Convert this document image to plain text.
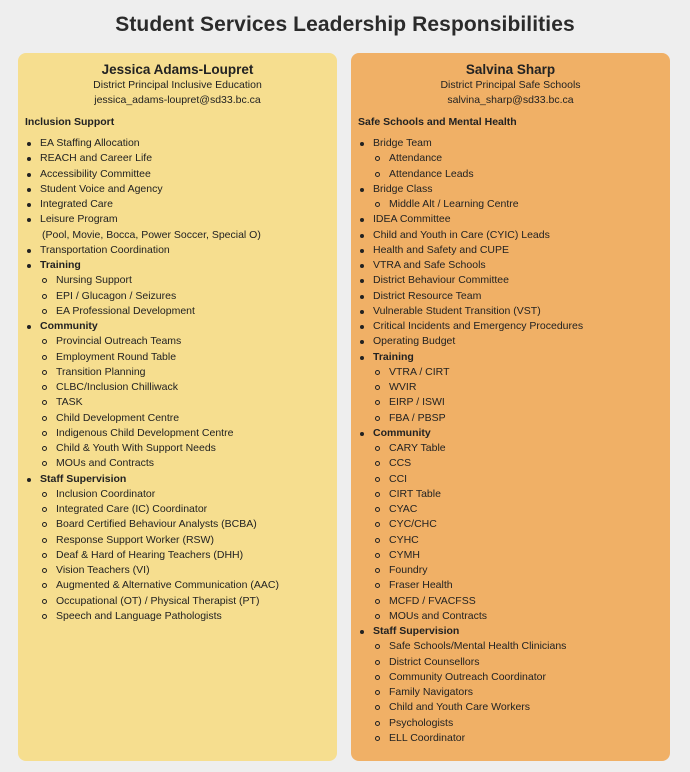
Student Services Leadership Responsibilities
Jessica Adams-Loupret
District Principal Inclusive Education
jessica_adams-loupret@sd33.bc.ca
Inclusion Support
EA Staffing Allocation
REACH and Career Life
Accessibility Committee
Student Voice and Agency
Integrated Care
Leisure Program
(Pool, Movie, Bocca, Power Soccer, Special O)
Transportation Coordination
Training
Nursing Support
EPI / Glucagon / Seizures
EA Professional Development
Community
Provincial Outreach Teams
Employment Round Table
Transition Planning
CLBC/Inclusion Chilliwack
TASK
Child Development Centre
Indigenous Child Development Centre
Child & Youth With Support Needs
MOUs and Contracts
Staff Supervision
Inclusion Coordinator
Integrated Care (IC) Coordinator
Board Certified Behaviour Analysts (BCBA)
Response Support Worker (RSW)
Deaf & Hard of Hearing Teachers (DHH)
Vision Teachers (VI)
Augmented & Alternative Communication (AAC)
Occupational (OT) / Physical Therapist (PT)
Speech and Language Pathologists
Salvina Sharp
District Principal Safe Schools
salvina_sharp@sd33.bc.ca
Safe Schools and Mental Health
Bridge Team
Attendance
Attendance Leads
Bridge Class
Middle Alt / Learning Centre
IDEA Committee
Child and Youth in Care (CYIC) Leads
Health and Safety and CUPE
VTRA and Safe Schools
District Behaviour Committee
District Resource Team
Vulnerable Student Transition (VST)
Critical Incidents and Emergency Procedures
Operating Budget
Training
VTRA / CIRT
WVIR
EIRP / ISWI
FBA / PBSP
Community
CARY Table
CCS
CCI
CIRT Table
CYAC
CYC/CHC
CYHC
CYMH
Foundry
Fraser Health
MCFD / FVACFSS
MOUs and Contracts
Staff Supervision
Safe Schools/Mental Health Clinicians
District Counsellors
Community Outreach Coordinator
Family Navigators
Child and Youth Care Workers
Psychologists
ELL Coordinator
